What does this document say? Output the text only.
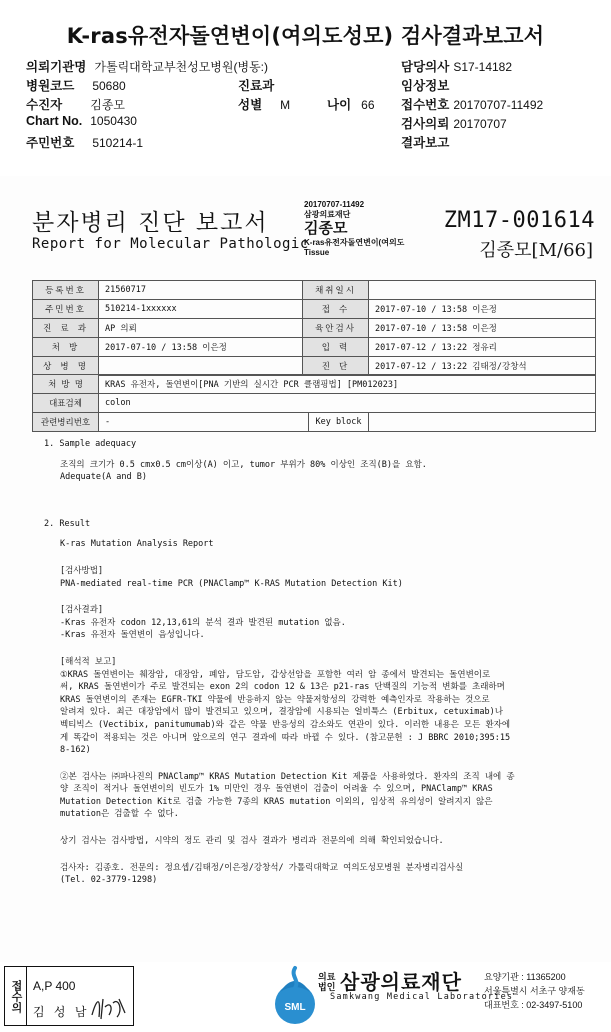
K-ras유전자돌연변이(여의도성모) 검사결과보고서
의뢰기관명 가톨릭대학교부천성모병원(병동:)
병원코드 50680
수진자 김종모
Chart No. 1050430
주민번호 510214-1
진료과
성별 M	나이 66
담당의사 S17-14182
임상정보
접수번호 20170707-11492
검사의뢰 20170707
결과보고
분자병리 진단 보고서
Report for Molecular Pathologic
20170707-11492
삼광의료재단
김종모
K-ras유전자돌연변이(여의도
Tissue
ZM17-001614
김종모[M/66]
등록번호	21560717	채취일시	
주민번호	510214-1xxxxxx	접 수	2017-07-10 / 13:58 이은정
진 료 과	AP 의뢰	육안검사	2017-07-10 / 13:58 이은정
처 방	2017-07-10 / 13:58 이은정	입 력	2017-07-12 / 13:22 정유리
상 병 명		진 단	2017-07-12 / 13:22 김태정/강창석
처 방 명	KRAS 유전자, 돌연변이[PNA 기반의 실시간 PCR 클램핑법] [PM012023]		
대표검체	colon		
관련병리번호	-	Key block	
1. Sample adequacy
조직의 크기가 0.5 cmx0.5 cm이상(A) 이고, tumor 부위가 80% 이상인 조직(B)을 요함.
Adequate(A and B)
2. Result
K-ras Mutation Analysis Report
[검사방법]
PNA-mediated real-time PCR (PNAClamp™ K-RAS Mutation Detection Kit)
[검사결과]
-Kras 유전자 codon 12,13,61의 분석 결과 발견된 mutation 없음.
-Kras 유전자 돌연변이 음성입니다.
[해석적 보고]
①KRAS 돌연변이는 췌장암, 대장암, 폐암, 담도암, 갑상선암을 포함한 여러 암 종에서 발견되는 돌연변이로
써, KRAS 돌연변이가 주로 발견되는 exon 2의 codon 12 & 13은 p21-ras 단백질의 기능적 변화를 초래하며
KRAS 돌연변이의 존재는 EGFR-TKI 약물에 반응하지 않는 약물저항성의 강력한 예측인자로 작용하는 것으로
알려져 있다. 최근 대장암에서 많이 발견되고 있으며, 결장암에 시용되는 얼비툭스 (Erbitux, cetuximab)나
벡티빅스 (Vectibix, panitumumab)와 같은 약물 반응성의 감소와도 연관이 있다. 이러한 내용은 모든 환자에
게 똑같이 적용되는 것은 아니며 앞으로의 연구 결과에 따라 바뀔 수 있다. (참고문헌 : J BBRC 2010;395:15
8-162)
②본 검사는 ㈜파나진의 PNAClamp™ KRAS Mutation Detection Kit 제품을 사용하였다. 환자의 조직 내에 종
양 조직이 적거나 돌연변이의 빈도가 1% 미만인 경우 돌연변이 검출이 어려울 수 있으며, PNAClamp™ KRAS
Mutation Detection Kit로 검출 가능한 7종의 KRAS mutation 이외의, 임상적 유의성이 알려지지 않은
mutation은 검출할 수 없다.
상기 검사는 검사방법, 시약의 정도 관리 및 검사 결과가 병리과 전문의에 의해 확인되었습니다.
검사자: 김종호. 전문의: 정요셉/김태정/이은정/강창석/ 가톨릭대학교 여의도성모병원 분자병리검사실
(Tel. 02-3779-1298)
접수의 A,P 400
김 성 남	SML
의료
법인 삼광의료재단
Samkwang Medical Laboratories
요양기관 : 11365200
서울특별시 서초구 양재동
대표번호 : 02-3497-5100
